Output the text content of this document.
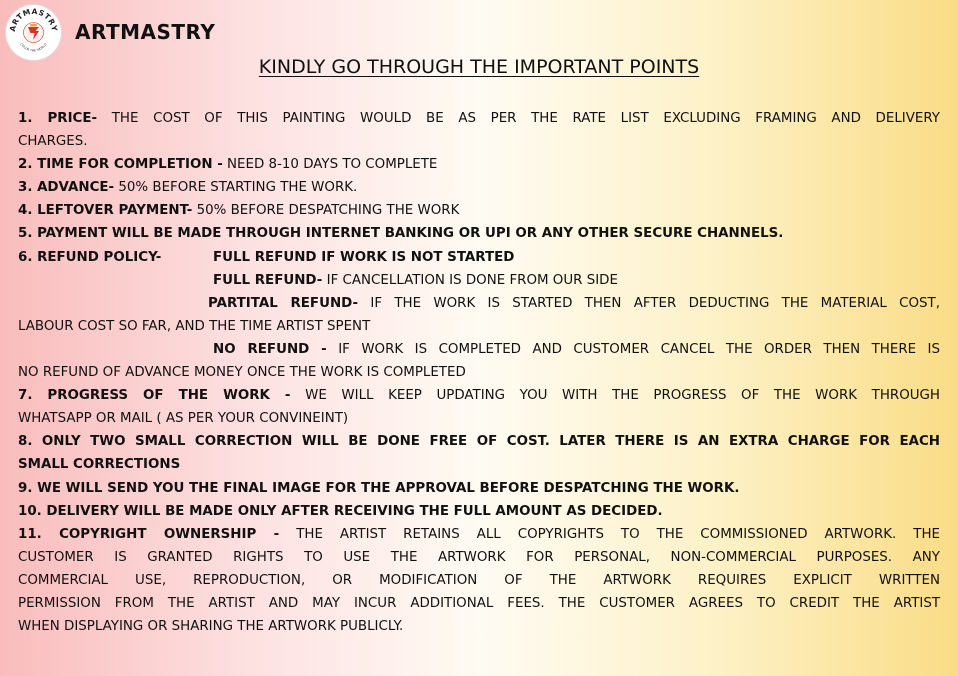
ARTMASTRY
COLOR THE WORLD
ARTMASTRY
KINDLY GO THROUGH THE IMPORTANT POINTS
1. PRICE- THE COST OF THIS PAINTING WOULD BE AS PER THE RATE LIST EXCLUDING FRAMING AND DELIVERY
CHARGES.
2. TIME FOR COMPLETION - NEED 8-10 DAYS TO COMPLETE
3. ADVANCE- 50% BEFORE STARTING THE WORK.
4. LEFTOVER PAYMENT- 50% BEFORE DESPATCHING THE WORK
5. PAYMENT WILL BE MADE THROUGH INTERNET BANKING OR UPI OR ANY OTHER SECURE CHANNELS.
6. REFUND POLICY-	FULL REFUND IF WORK IS NOT STARTED
FULL REFUND- IF CANCELLATION IS DONE FROM OUR SIDE
PARTITAL REFUND- IF THE WORK IS STARTED THEN AFTER DEDUCTING THE MATERIAL COST,
LABOUR COST SO FAR, AND THE TIME ARTIST SPENT
NO REFUND - IF WORK IS COMPLETED AND CUSTOMER CANCEL THE ORDER THEN THERE IS
NO REFUND OF ADVANCE MONEY ONCE THE WORK IS COMPLETED
7. PROGRESS OF THE WORK - WE WILL KEEP UPDATING YOU WITH THE PROGRESS OF THE WORK THROUGH
WHATSAPP OR MAIL ( AS PER YOUR CONVINEINT)
8. ONLY TWO SMALL CORRECTION WILL BE DONE FREE OF COST. LATER THERE IS AN EXTRA CHARGE FOR EACH
SMALL CORRECTIONS
9. WE WILL SEND YOU THE FINAL IMAGE FOR THE APPROVAL BEFORE DESPATCHING THE WORK.
10. DELIVERY WILL BE MADE ONLY AFTER RECEIVING THE FULL AMOUNT AS DECIDED.
11. COPYRIGHT OWNERSHIP - THE ARTIST RETAINS ALL COPYRIGHTS TO THE COMMISSIONED ARTWORK. THE
CUSTOMER IS GRANTED RIGHTS TO USE THE ARTWORK FOR PERSONAL, NON-COMMERCIAL PURPOSES. ANY
COMMERCIAL USE, REPRODUCTION, OR MODIFICATION OF THE ARTWORK REQUIRES EXPLICIT WRITTEN
PERMISSION FROM THE ARTIST AND MAY INCUR ADDITIONAL FEES. THE CUSTOMER AGREES TO CREDIT THE ARTIST
WHEN DISPLAYING OR SHARING THE ARTWORK PUBLICLY.
